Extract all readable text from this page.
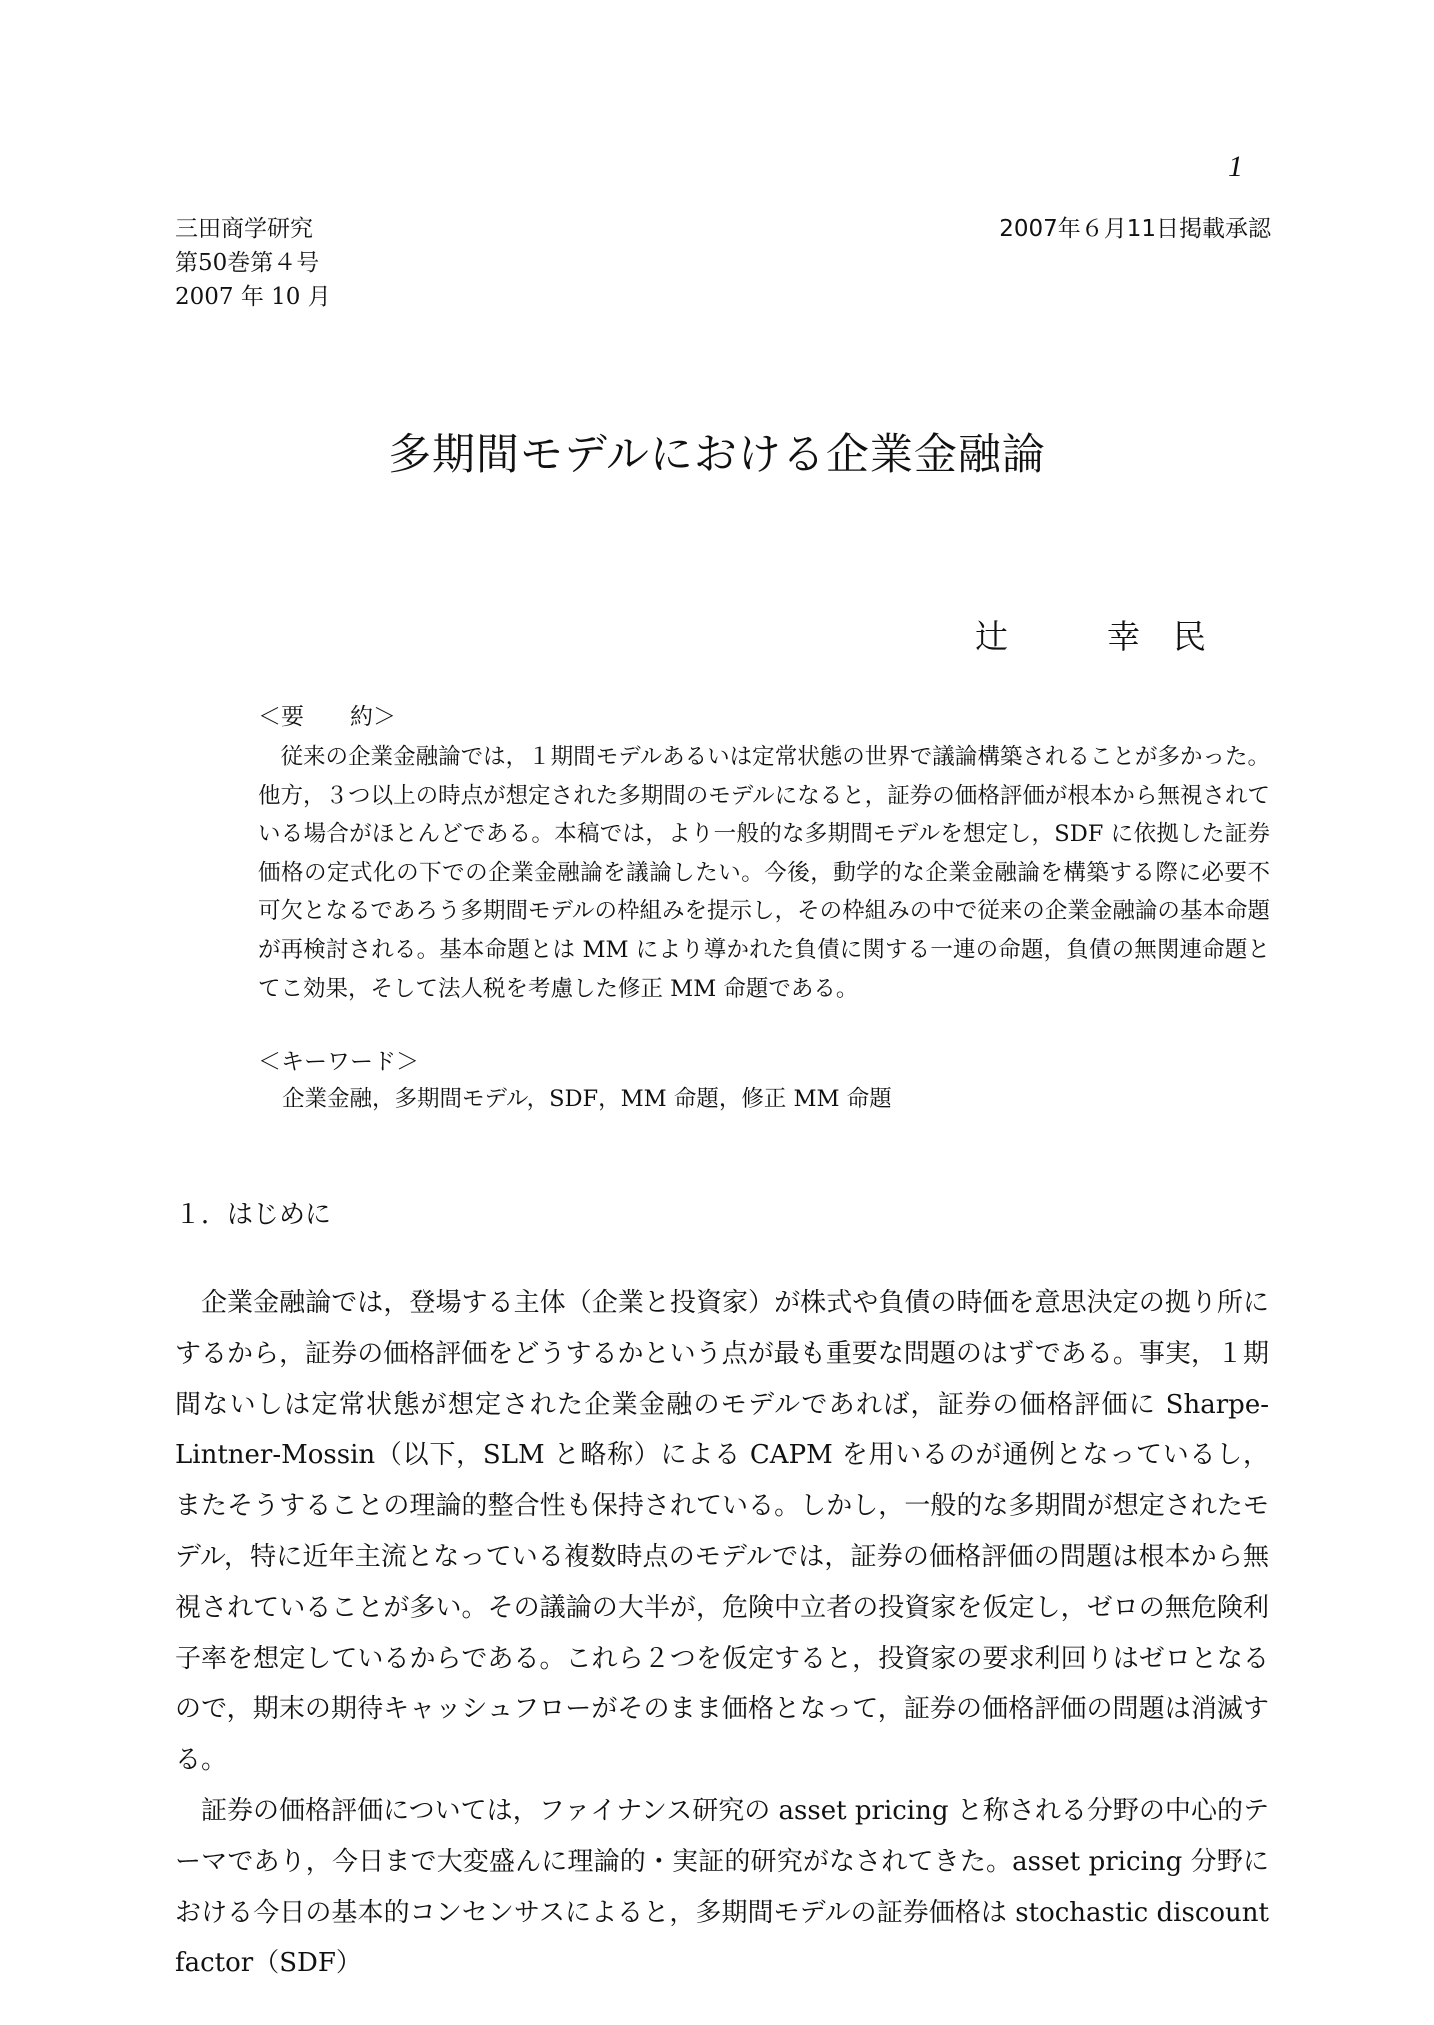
1
三田商学研究
第50巻第４号
2007 年 10 月
2007年６月11日掲載承認
多期間モデルにおける企業金融論
辻　　　幸　民
＜要　　約＞
従来の企業金融論では，１期間モデルあるいは定常状態の世界で議論構築されることが多かった。他方，３つ以上の時点が想定された多期間のモデルになると，証券の価格評価が根本から無視されている場合がほとんどである。本稿では，より一般的な多期間モデルを想定し，SDF に依拠した証券価格の定式化の下での企業金融論を議論したい。今後，動学的な企業金融論を構築する際に必要不可欠となるであろう多期間モデルの枠組みを提示し，その枠組みの中で従来の企業金融論の基本命題が再検討される。基本命題とは MM により導かれた負債に関する一連の命題，負債の無関連命題とてこ効果，そして法人税を考慮した修正 MM 命題である。
＜キーワード＞
企業金融，多期間モデル，SDF，MM 命題，修正 MM 命題
１．はじめに

企業金融論では，登場する主体（企業と投資家）が株式や負債の時価を意思決定の拠り所にするから，証券の価格評価をどうするかという点が最も重要な問題のはずである。事実，１期間ないしは定常状態が想定された企業金融のモデルであれば，証券の価格評価に Sharpe-Lintner-Mossin（以下，SLM と略称）による CAPM を用いるのが通例となっているし，またそうすることの理論的整合性も保持されている。しかし，一般的な多期間が想定されたモデル，特に近年主流となっている複数時点のモデルでは，証券の価格評価の問題は根本から無視されていることが多い。その議論の大半が，危険中立者の投資家を仮定し，ゼロの無危険利子率を想定しているからである。これら２つを仮定すると，投資家の要求利回りはゼロとなるので，期末の期待キャッシュフローがそのまま価格となって，証券の価格評価の問題は消滅する。

証券の価格評価については，ファイナンス研究の asset pricing と称される分野の中心的テーマであり，今日まで大変盛んに理論的・実証的研究がなされてきた。asset pricing 分野における今日の基本的コンセンサスによると，多期間モデルの証券価格は stochastic discount factor（SDF）
